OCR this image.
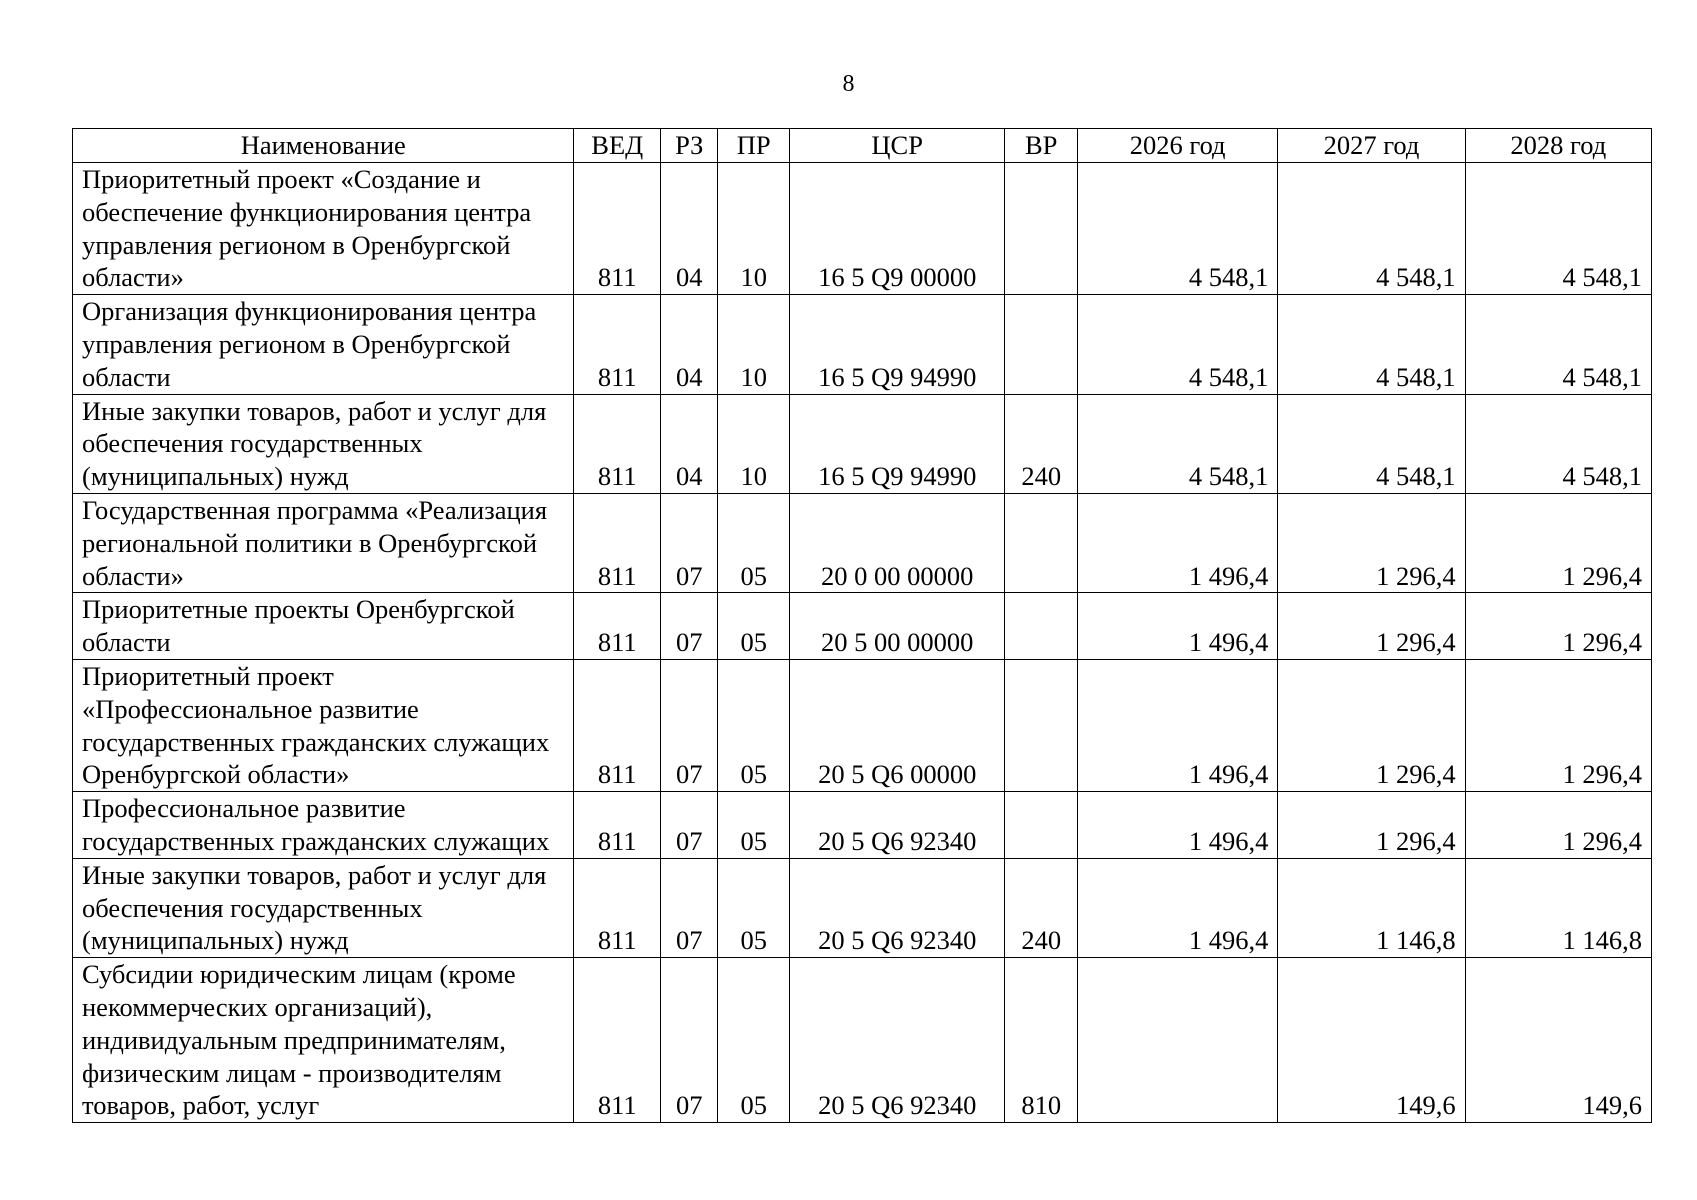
8
Наименование	ВЕД	РЗ	ПР	ЦСР	ВР	2026 год	2027 год	2028 год
Приоритетный проект «Создание и обеспечение функционирования центра управления регионом в Оренбургской области»	811	04	10	16 5 Q9 00000		4 548,1	4 548,1	4 548,1
Организация функционирования центра управления регионом в Оренбургской области	811	04	10	16 5 Q9 94990		4 548,1	4 548,1	4 548,1
Иные закупки товаров, работ и услуг для обеспечения государственных (муниципальных) нужд	811	04	10	16 5 Q9 94990	240	4 548,1	4 548,1	4 548,1
Государственная программа «Реализация региональной политики в Оренбургской области»	811	07	05	20 0 00 00000		1 496,4	1 296,4	1 296,4
Приоритетные проекты Оренбургской области	811	07	05	20 5 00 00000		1 496,4	1 296,4	1 296,4
Приоритетный проект «Профессиональное развитие государственных гражданских служащих Оренбургской области»	811	07	05	20 5 Q6 00000		1 496,4	1 296,4	1 296,4
Профессиональное развитие государственных гражданских служащих	811	07	05	20 5 Q6 92340		1 496,4	1 296,4	1 296,4
Иные закупки товаров, работ и услуг для обеспечения государственных (муниципальных) нужд	811	07	05	20 5 Q6 92340	240	1 496,4	1 146,8	1 146,8
Субсидии юридическим лицам (кроме некоммерческих организаций), индивидуальным предпринимателям, физическим лицам - производителям товаров, работ, услуг	811	07	05	20 5 Q6 92340	810		149,6	149,6
